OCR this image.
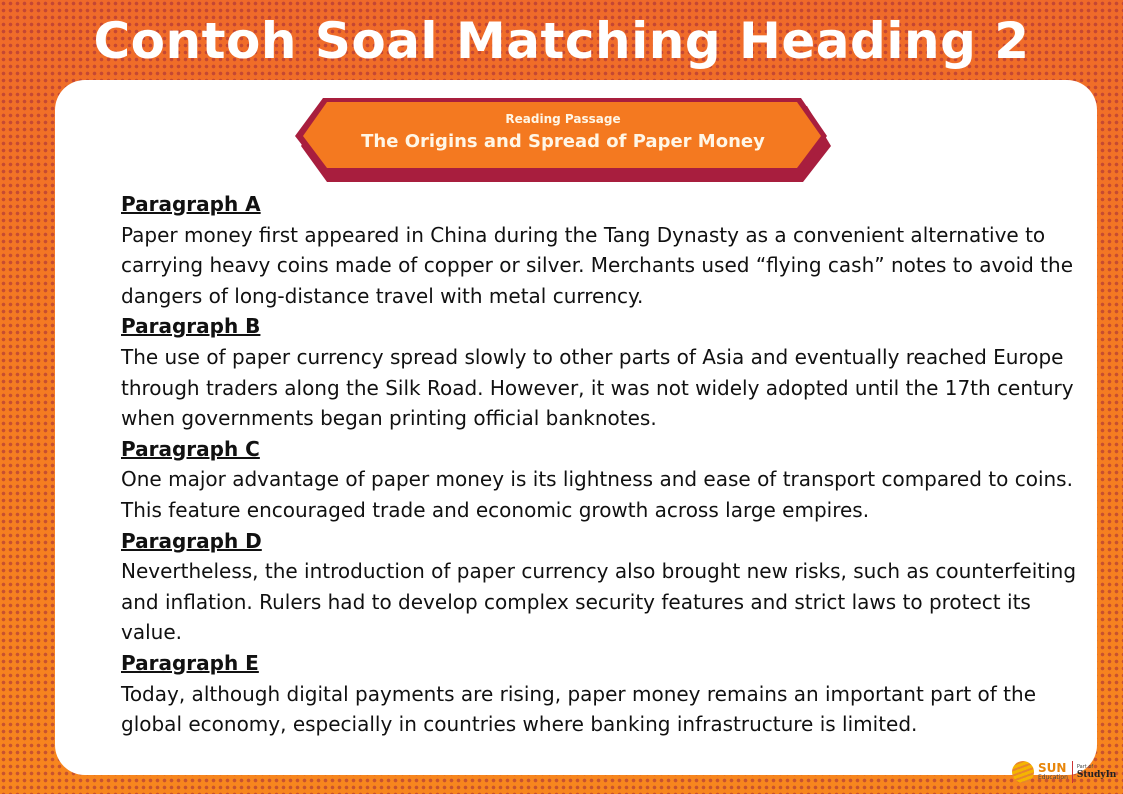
Contoh Soal Matching Heading 2
Reading Passage
The Origins and Spread of Paper Money

Paragraph A

Paper money first appeared in China during the Tang Dynasty as a convenient alternative to carrying heavy coins made of copper or silver. Merchants used “flying cash” notes to avoid the dangers of long-distance travel with metal currency.

Paragraph B

The use of paper currency spread slowly to other parts of Asia and eventually reached Europe through traders along the Silk Road. However, it was not widely adopted until the 17th century when governments began printing official banknotes.

Paragraph C

One major advantage of paper money is its lightness and ease of transport compared to coins. This feature encouraged trade and economic growth across large empires.

Paragraph D

Nevertheless, the introduction of paper currency also brought new risks, such as counterfeiting and inflation. Rulers had to develop complex security features and strict laws to protect its value.

Paragraph E

Today, although digital payments are rising, paper money remains an important part of the global economy, especially in countries where banking infrastructure is limited.

SUN
Education
Part of
StudyIn
